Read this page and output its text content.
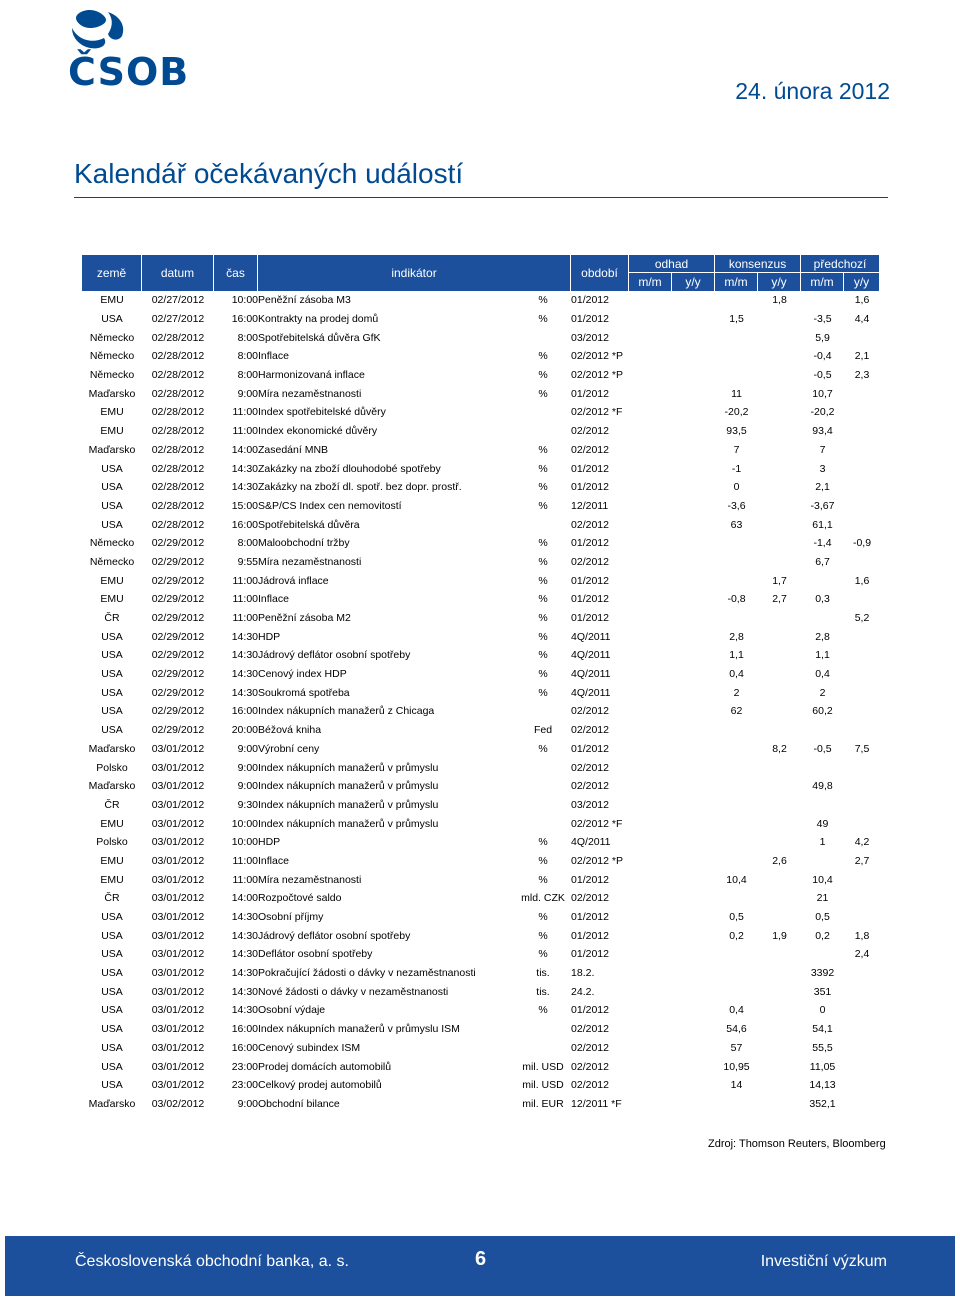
ČSOB	24. února 2012
Kalendář očekávaných událostí
země	datum	čas	indikátor		období	odhad		konsenzus		předchozí	
						m/m	y/y	m/m	y/y	m/m	y/y
EMU	02/27/2012	10:00	Peněžní zásoba M3	%	01/2012				1,8		1,6
USA	02/27/2012	16:00	Kontrakty na prodej domů	%	01/2012			1,5		-3,5	4,4
Německo	02/28/2012	8:00	Spotřebitelská důvěra GfK		03/2012					5,9	
Německo	02/28/2012	8:00	Inflace	%	02/2012 *P					-0,4	2,1
Německo	02/28/2012	8:00	Harmonizovaná inflace	%	02/2012 *P					-0,5	2,3
Maďarsko	02/28/2012	9:00	Míra nezaměstnanosti	%	01/2012			11		10,7	
EMU	02/28/2012	11:00	Index spotřebitelské důvěry		02/2012 *F			-20,2		-20,2	
EMU	02/28/2012	11:00	Index ekonomické důvěry		02/2012			93,5		93,4	
Maďarsko	02/28/2012	14:00	Zasedání MNB	%	02/2012			7		7	
USA	02/28/2012	14:30	Zakázky na zboží dlouhodobé spotřeby	%	01/2012			-1		3	
USA	02/28/2012	14:30	Zakázky na zboží dl. spotř. bez dopr. prostř.	%	01/2012			0		2,1	
USA	02/28/2012	15:00	S&P/CS Index cen nemovitostí	%	12/2011			-3,6		-3,67	
USA	02/28/2012	16:00	Spotřebitelská důvěra		02/2012			63		61,1	
Německo	02/29/2012	8:00	Maloobchodní tržby	%	01/2012					-1,4	-0,9
Německo	02/29/2012	9:55	Míra nezaměstnanosti	%	02/2012					6,7	
EMU	02/29/2012	11:00	Jádrová inflace	%	01/2012				1,7		1,6
EMU	02/29/2012	11:00	Inflace	%	01/2012			-0,8	2,7	0,3	
ČR	02/29/2012	11:00	Peněžní zásoba M2	%	01/2012						5,2
USA	02/29/2012	14:30	HDP	%	4Q/2011			2,8		2,8	
USA	02/29/2012	14:30	Jádrový deflátor osobní spotřeby	%	4Q/2011			1,1		1,1	
USA	02/29/2012	14:30	Cenový index HDP	%	4Q/2011			0,4		0,4	
USA	02/29/2012	14:30	Soukromá spotřeba	%	4Q/2011			2		2	
USA	02/29/2012	16:00	Index nákupních manažerů z Chicaga		02/2012			62		60,2	
USA	02/29/2012	20:00	Béžová kniha	Fed	02/2012						
Maďarsko	03/01/2012	9:00	Výrobní ceny	%	01/2012				8,2	-0,5	7,5
Polsko	03/01/2012	9:00	Index nákupních manažerů v průmyslu		02/2012						
Maďarsko	03/01/2012	9:00	Index nákupních manažerů v průmyslu		02/2012					49,8	
ČR	03/01/2012	9:30	Index nákupních manažerů v průmyslu		03/2012						
EMU	03/01/2012	10:00	Index nákupních manažerů v průmyslu		02/2012 *F					49	
Polsko	03/01/2012	10:00	HDP	%	4Q/2011					1	4,2
EMU	03/01/2012	11:00	Inflace	%	02/2012 *P				2,6		2,7
EMU	03/01/2012	11:00	Míra nezaměstnanosti	%	01/2012			10,4		10,4	
ČR	03/01/2012	14:00	Rozpočtové saldo	mld. CZK	02/2012					21	
USA	03/01/2012	14:30	Osobní příjmy	%	01/2012			0,5		0,5	
USA	03/01/2012	14:30	Jádrový deflátor osobní spotřeby	%	01/2012			0,2	1,9	0,2	1,8
USA	03/01/2012	14:30	Deflátor osobní spotřeby	%	01/2012						2,4
USA	03/01/2012	14:30	Pokračující žádosti o dávky v nezaměstnanosti	tis.	18.2.					3392	
USA	03/01/2012	14:30	Nové žádosti o dávky v nezaměstnanosti	tis.	24.2.					351	
USA	03/01/2012	14:30	Osobní výdaje	%	01/2012			0,4		0	
USA	03/01/2012	16:00	Index nákupních manažerů v průmyslu ISM		02/2012			54,6		54,1	
USA	03/01/2012	16:00	Cenový subindex ISM		02/2012			57		55,5	
USA	03/01/2012	23:00	Prodej domácích automobilů	mil. USD	02/2012			10,95		11,05	
USA	03/01/2012	23:00	Celkový prodej automobilů	mil. USD	02/2012			14		14,13	
Maďarsko	03/02/2012	9:00	Obchodní bilance	mil. EUR	12/2011 *F					352,1	
Zdroj: Thomson Reuters, Bloomberg
Československá obchodní banka, a. s.	6	Investiční výzkum
